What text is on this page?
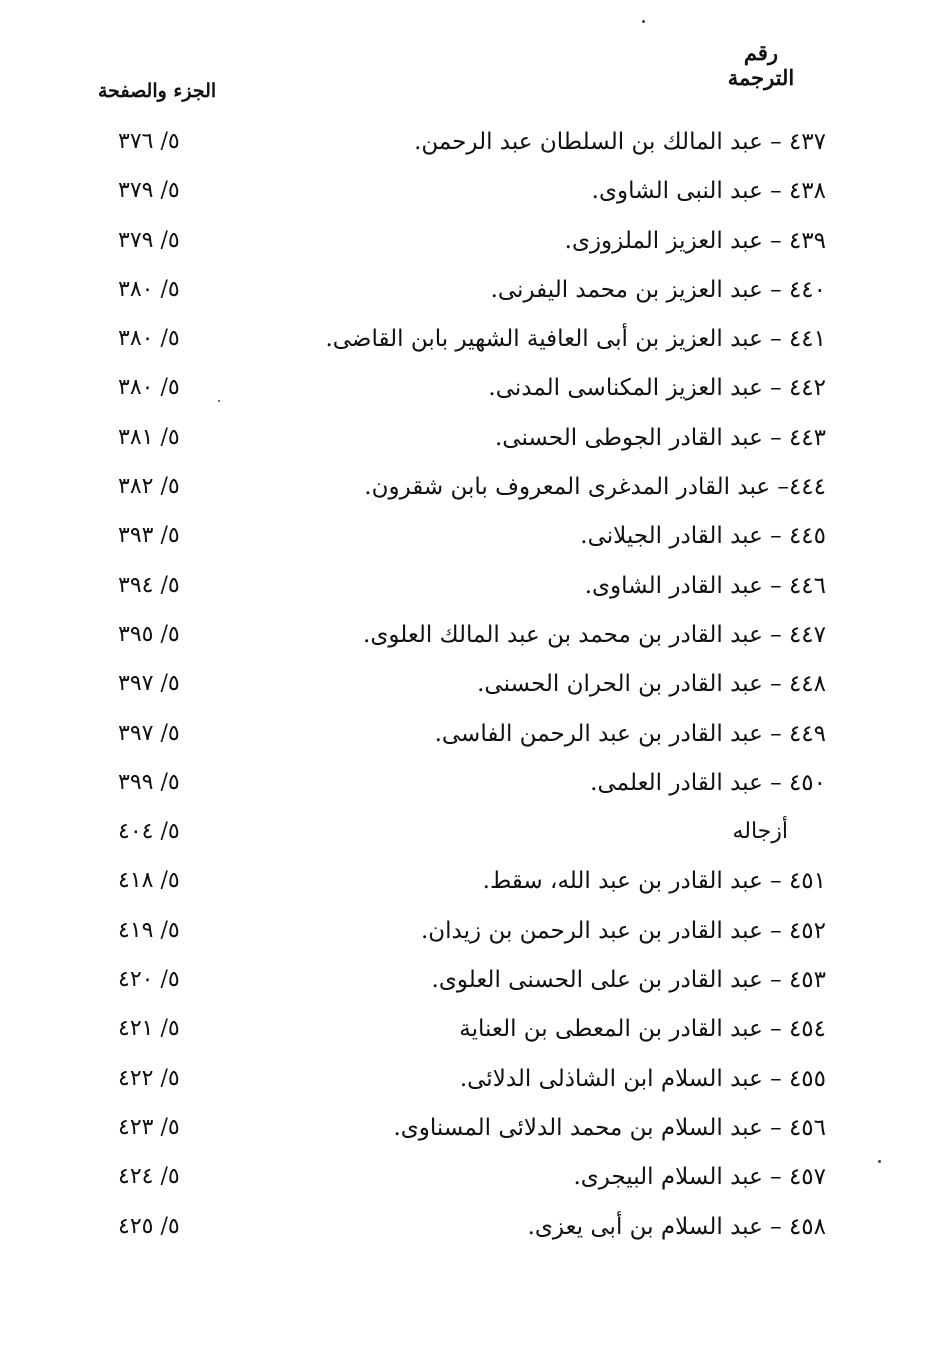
رقم
الترجمة
الجزء والصفحة
٤٣٧ – عبد المالك بن السلطان عبد الرحمن.
٥/ ٣٧٦
٤٣٨ – عبد النبى الشاوى.
٥/ ٣٧٩
٤٣٩ – عبد العزيز الملزوزى.
٥/ ٣٧٩
٤٤٠ – عبد العزيز بن محمد اليفرنى.
٥/ ٣٨٠
٤٤١ – عبد العزيز بن أبى العافية الشهير بابن القاضى.
٥/ ٣٨٠
٤٤٢ – عبد العزيز المكناسى المدنى.
٥/ ٣٨٠
٤٤٣ – عبد القادر الجوطى الحسنى.
٥/ ٣٨١
٤٤٤– عبد القادر المدغرى المعروف بابن شقرون.
٥/ ٣٨٢
٤٤٥ – عبد القادر الجيلانى.
٥/ ٣٩٣
٤٤٦ – عبد القادر الشاوى.
٥/ ٣٩٤
٤٤٧ – عبد القادر بن محمد بن عبد المالك العلوى.
٥/ ٣٩٥
٤٤٨ – عبد القادر بن الحران الحسنى.
٥/ ٣٩٧
٤٤٩ – عبد القادر بن عبد الرحمن الفاسى.
٥/ ٣٩٧
٤٥٠ – عبد القادر العلمى.
٥/ ٣٩٩
أزجاله
٥/ ٤٠٤
٤٥١ – عبد القادر بن عبد الله، سقط.
٥/ ٤١٨
٤٥٢ – عبد القادر بن عبد الرحمن بن زيدان.
٥/ ٤١٩
٤٥٣ – عبد القادر بن على الحسنى العلوى.
٥/ ٤٢٠
٤٥٤ – عبد القادر بن المعطى بن العناية
٥/ ٤٢١
٤٥٥ – عبد السلام ابن الشاذلى الدلائى.
٥/ ٤٢٢
٤٥٦ – عبد السلام بن محمد الدلائى المسناوى.
٥/ ٤٢٣
٤٥٧ – عبد السلام البيجرى.
٥/ ٤٢٤
٤٥٨ – عبد السلام بن أبى يعزى.
٥/ ٤٢٥
